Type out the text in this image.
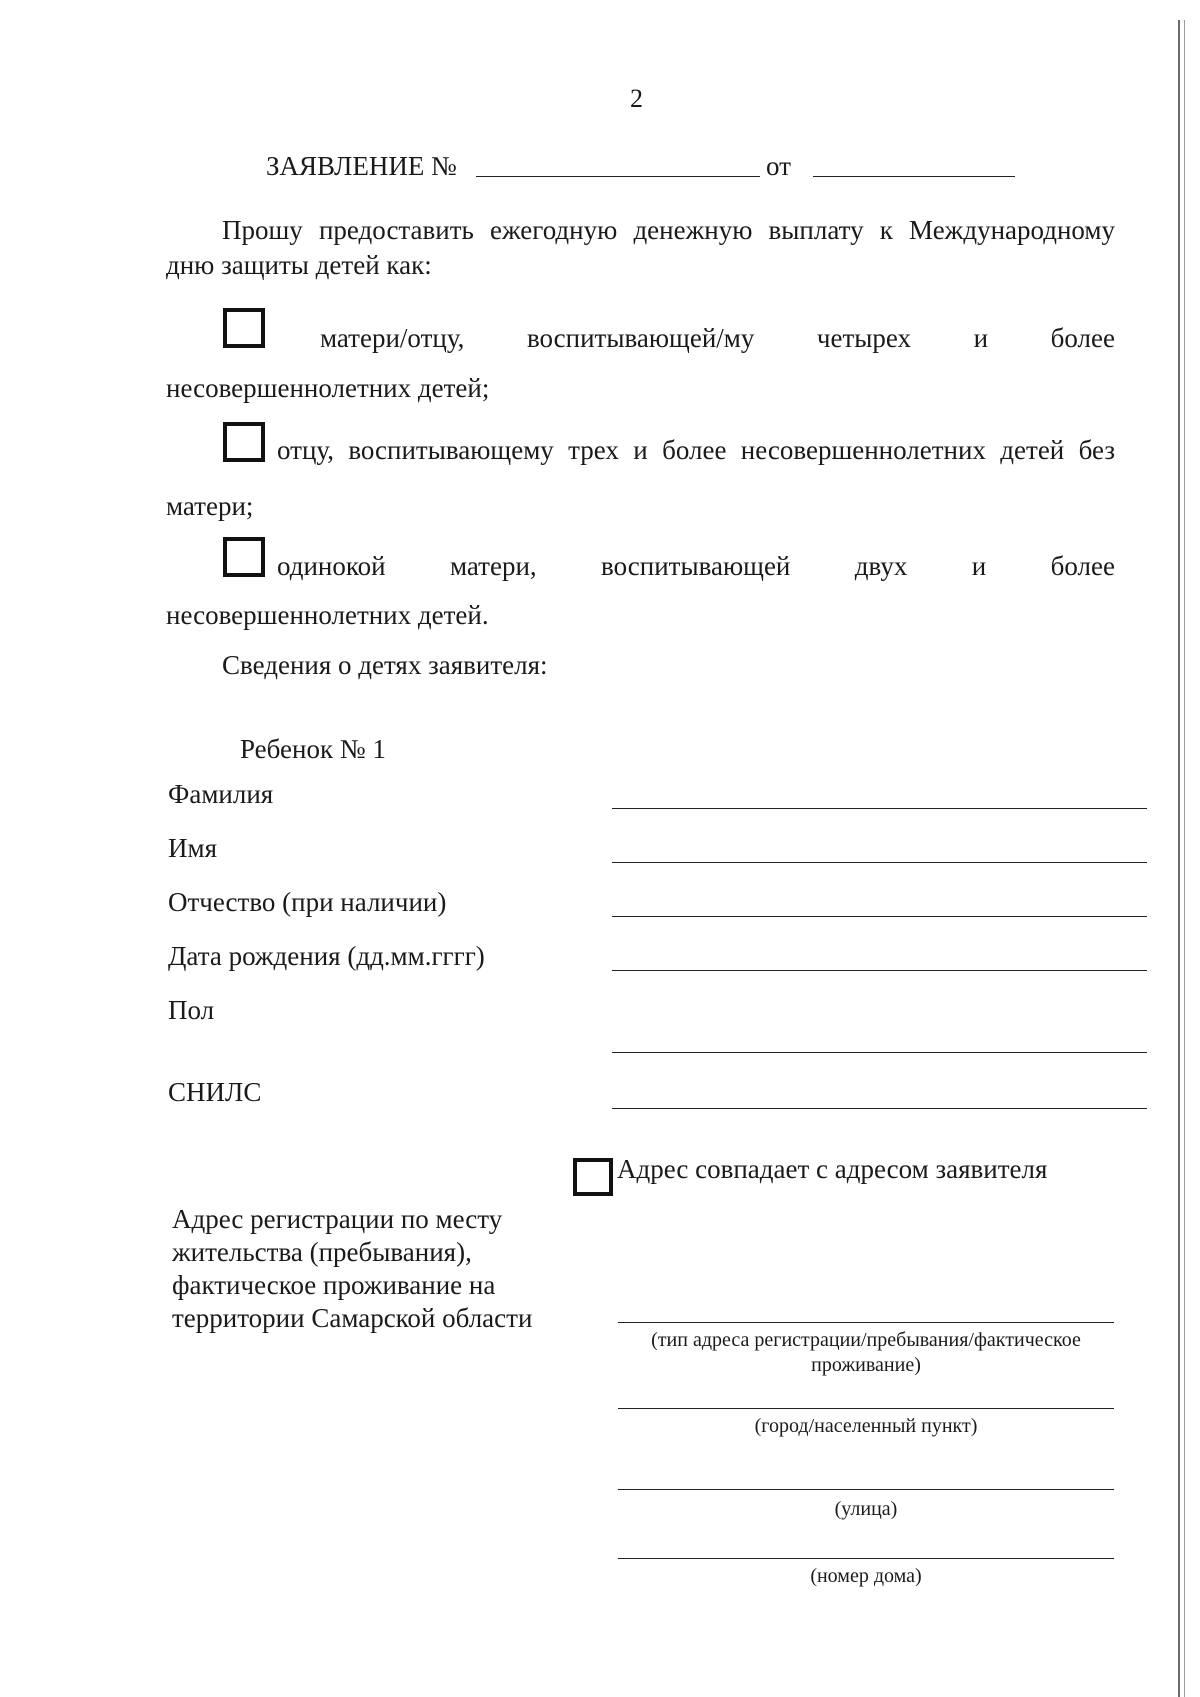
2
ЗАЯВЛЕНИЕ №	от
Прошу предоставить ежегодную денежную выплату к Международному
дню защиты детей как:
матери/отцу, воспитывающей/му четырех и более
несовершеннолетних детей;
отцу, воспитывающему трех и более несовершеннолетних детей без
матери;
одинокой матери, воспитывающей двух и более
несовершеннолетних детей.
Сведения о детях заявителя:
Ребенок № 1
Фамилия
Имя
Отчество (при наличии)
Дата рождения (дд.мм.гггг)
Пол
СНИЛС
Адрес совпадает с адресом заявителя
Адрес регистрации по месту
жительства (пребывания),
фактическое проживание на
территории Самарской области
(тип адреса регистрации/пребывания/фактическое
проживание)
(город/населенный пункт)
(улица)
(номер дома)
